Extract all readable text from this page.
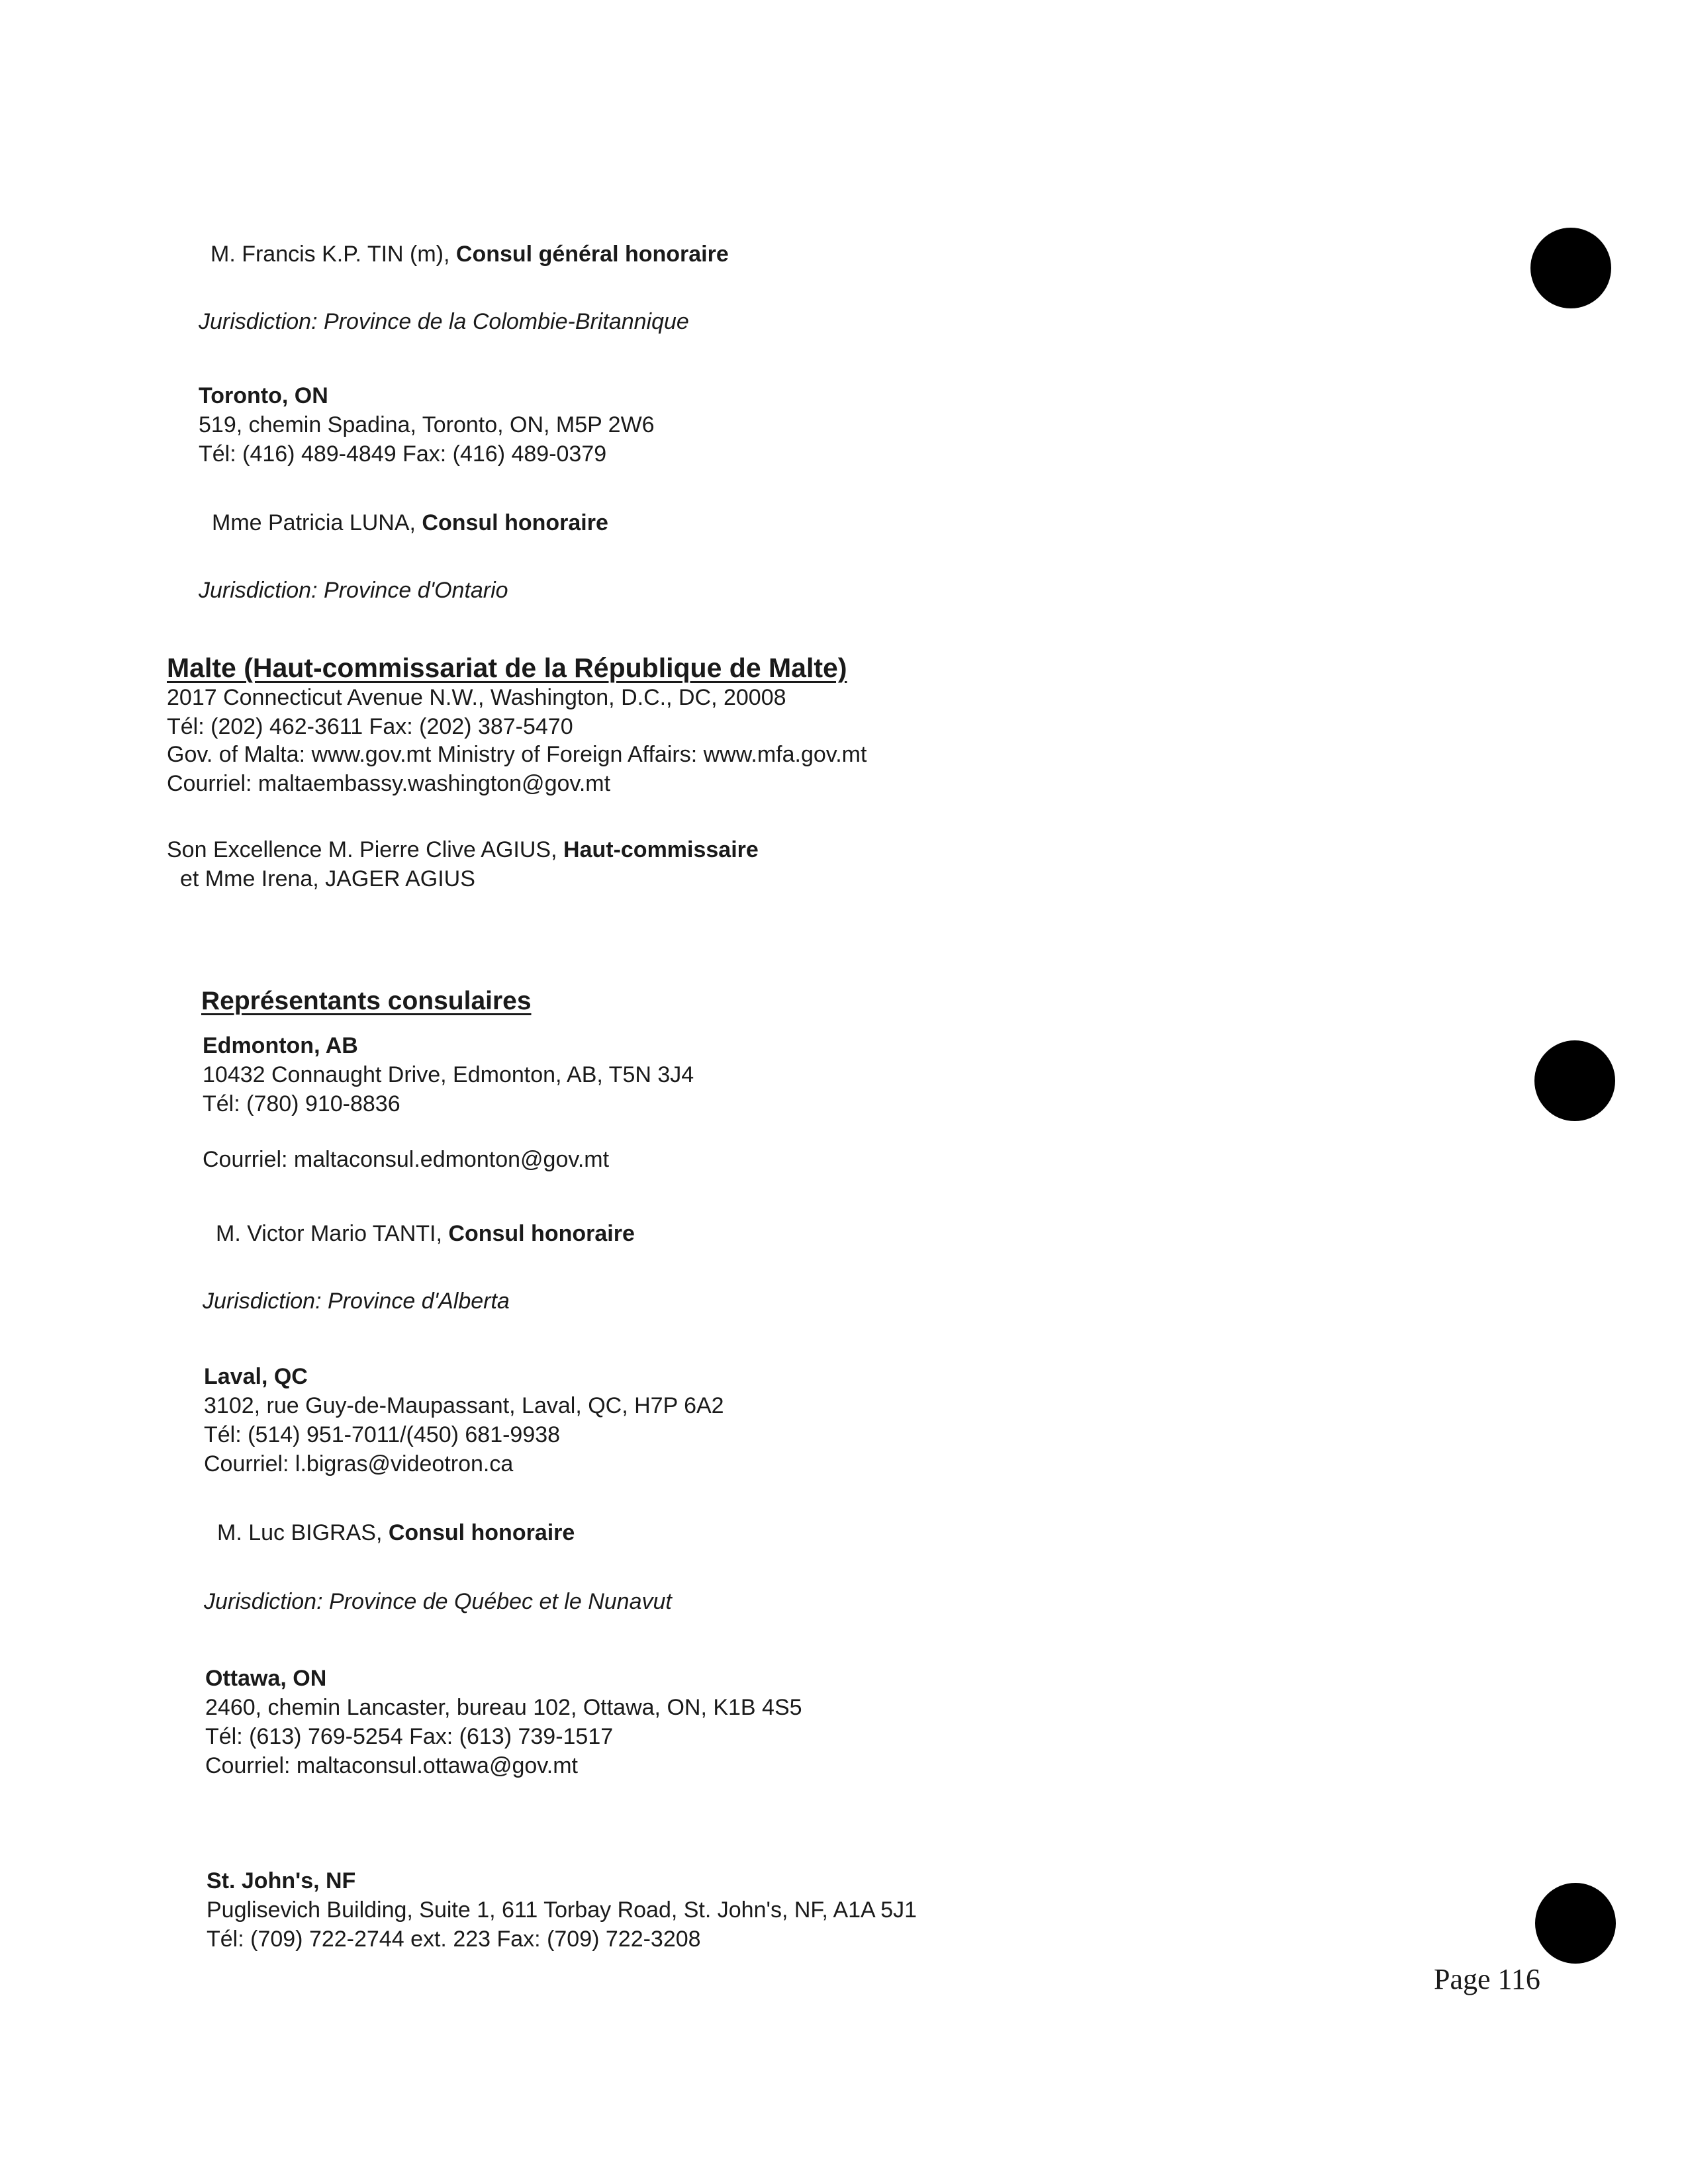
M. Francis K.P. TIN (m), Consul général honoraire
Jurisdiction: Province de la Colombie-Britannique
Toronto, ON
519, chemin Spadina, Toronto, ON, M5P 2W6
Tél: (416) 489-4849 Fax: (416) 489-0379
Mme Patricia LUNA, Consul honoraire
Jurisdiction: Province d'Ontario
Malte (Haut-commissariat de la République de Malte)
2017 Connecticut Avenue N.W., Washington, D.C., DC, 20008
Tél: (202) 462-3611 Fax: (202) 387-5470
Gov. of Malta: www.gov.mt Ministry of Foreign Affairs: www.mfa.gov.mt
Courriel: maltaembassy.washington@gov.mt
Son Excellence M. Pierre Clive AGIUS, Haut-commissaire
et Mme Irena, JAGER AGIUS
Représentants consulaires
Edmonton, AB
10432 Connaught Drive, Edmonton, AB, T5N 3J4
Tél: (780) 910-8836
Courriel: maltaconsul.edmonton@gov.mt
M. Victor Mario TANTI, Consul honoraire
Jurisdiction: Province d'Alberta
Laval, QC
3102, rue Guy-de-Maupassant, Laval, QC, H7P 6A2
Tél: (514) 951-7011/(450) 681-9938
Courriel: l.bigras@videotron.ca
M. Luc BIGRAS, Consul honoraire
Jurisdiction: Province de Québec et le Nunavut
Ottawa, ON
2460, chemin Lancaster, bureau 102, Ottawa, ON, K1B 4S5
Tél: (613) 769-5254 Fax: (613) 739-1517
Courriel: maltaconsul.ottawa@gov.mt
St. John's, NF
Puglisevich Building, Suite 1, 611 Torbay Road, St. John's, NF, A1A 5J1
Tél: (709) 722-2744 ext. 223 Fax: (709) 722-3208
Page 116
